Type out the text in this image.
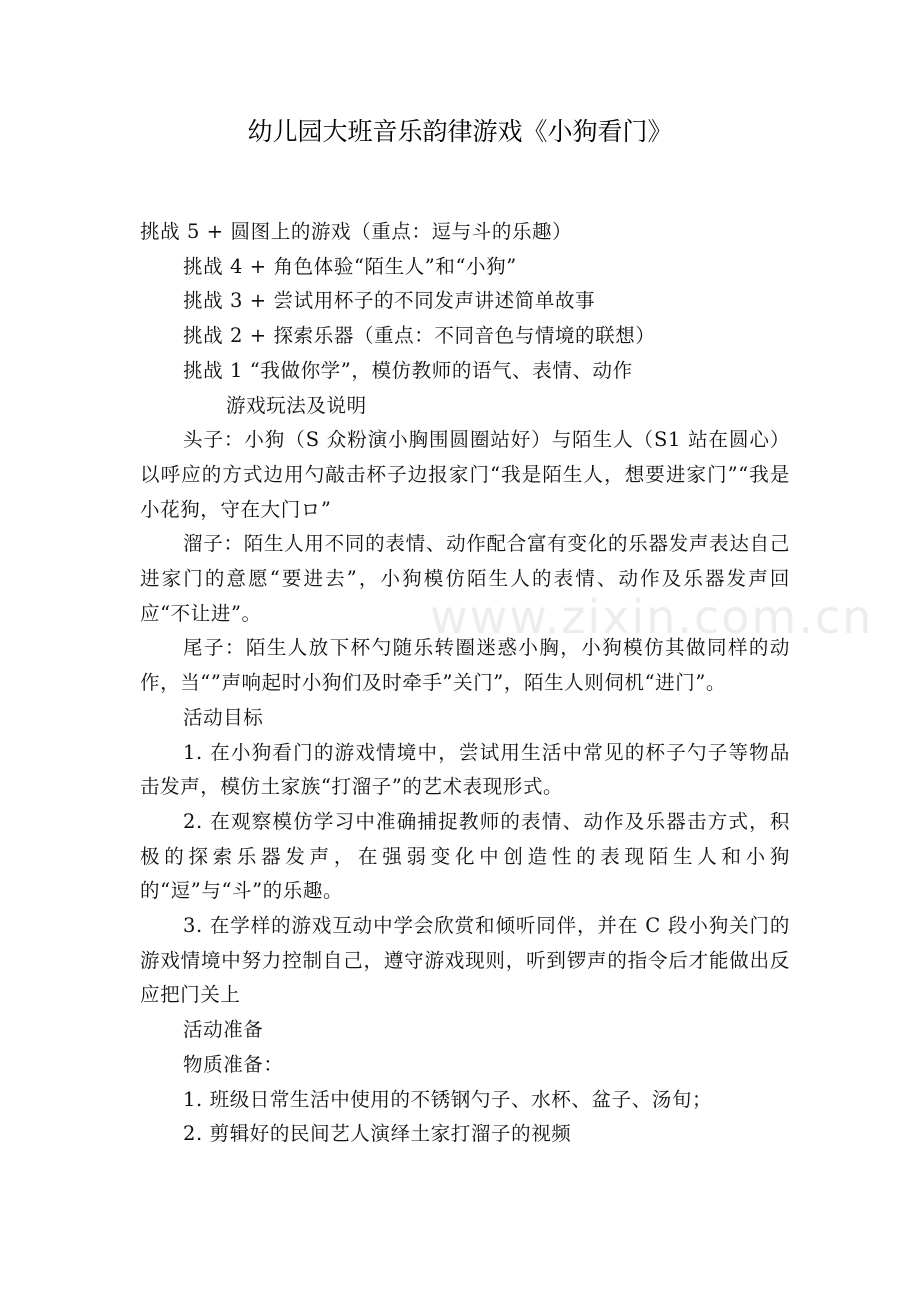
幼儿园大班音乐韵律游戏《小狗看门》
www.zixin.com.cn

挑战 5 + 圆图上的游戏（重点：逗与斗的乐趣）

挑战 4 + 角色体验“陌生人”和“小狗”

挑战 3 + 尝试用杯子的不同发声讲述简单故事

挑战 2 + 探索乐器（重点：不同音色与情境的联想）

挑战 1 “我做你学”，模仿教师的语气、表情、动作

游戏玩法及说明

头子：小狗（S 众粉演小胸围圆圈站好）与陌生人（S1 站在圆心）以呼应的方式边用勺敲击杯子边报家门“我是陌生人，想要进家门”“我是小花狗，守在大门ロ”

溜子：陌生人用不同的表情、动作配合富有变化的乐器发声表达自己进家门的意愿“要进去”，小狗模仿陌生人的表情、动作及乐器发声回应“不让进”。

尾子：陌生人放下杯勺随乐转圈迷惑小胸，小狗模仿其做同样的动作，当“”声响起时小狗们及时牵手”关门”，陌生人则伺机“进门”。

活动目标

1. 在小狗看门的游戏情境中，尝试用生活中常见的杯子勺子等物品击发声，模仿土家族“打溜子”的艺术表现形式。

2. 在观察模仿学习中准确捕捉教师的表情、动作及乐器击方式，积极的探索乐器发声，在强弱变化中创造性的表现陌生人和小狗的“逗”与“斗”的乐趣。

3. 在学样的游戏互动中学会欣赏和倾听同伴，并在 C 段小狗关门的游戏情境中努力控制自己，遵守游戏现则，听到锣声的指令后才能做出反应把门关上

活动准备

物质准备：

1. 班级日常生活中使用的不锈钢勺子、水杯、盆子、汤旬；

2. 剪辑好的民间艺人演绎土家打溜子的视频
